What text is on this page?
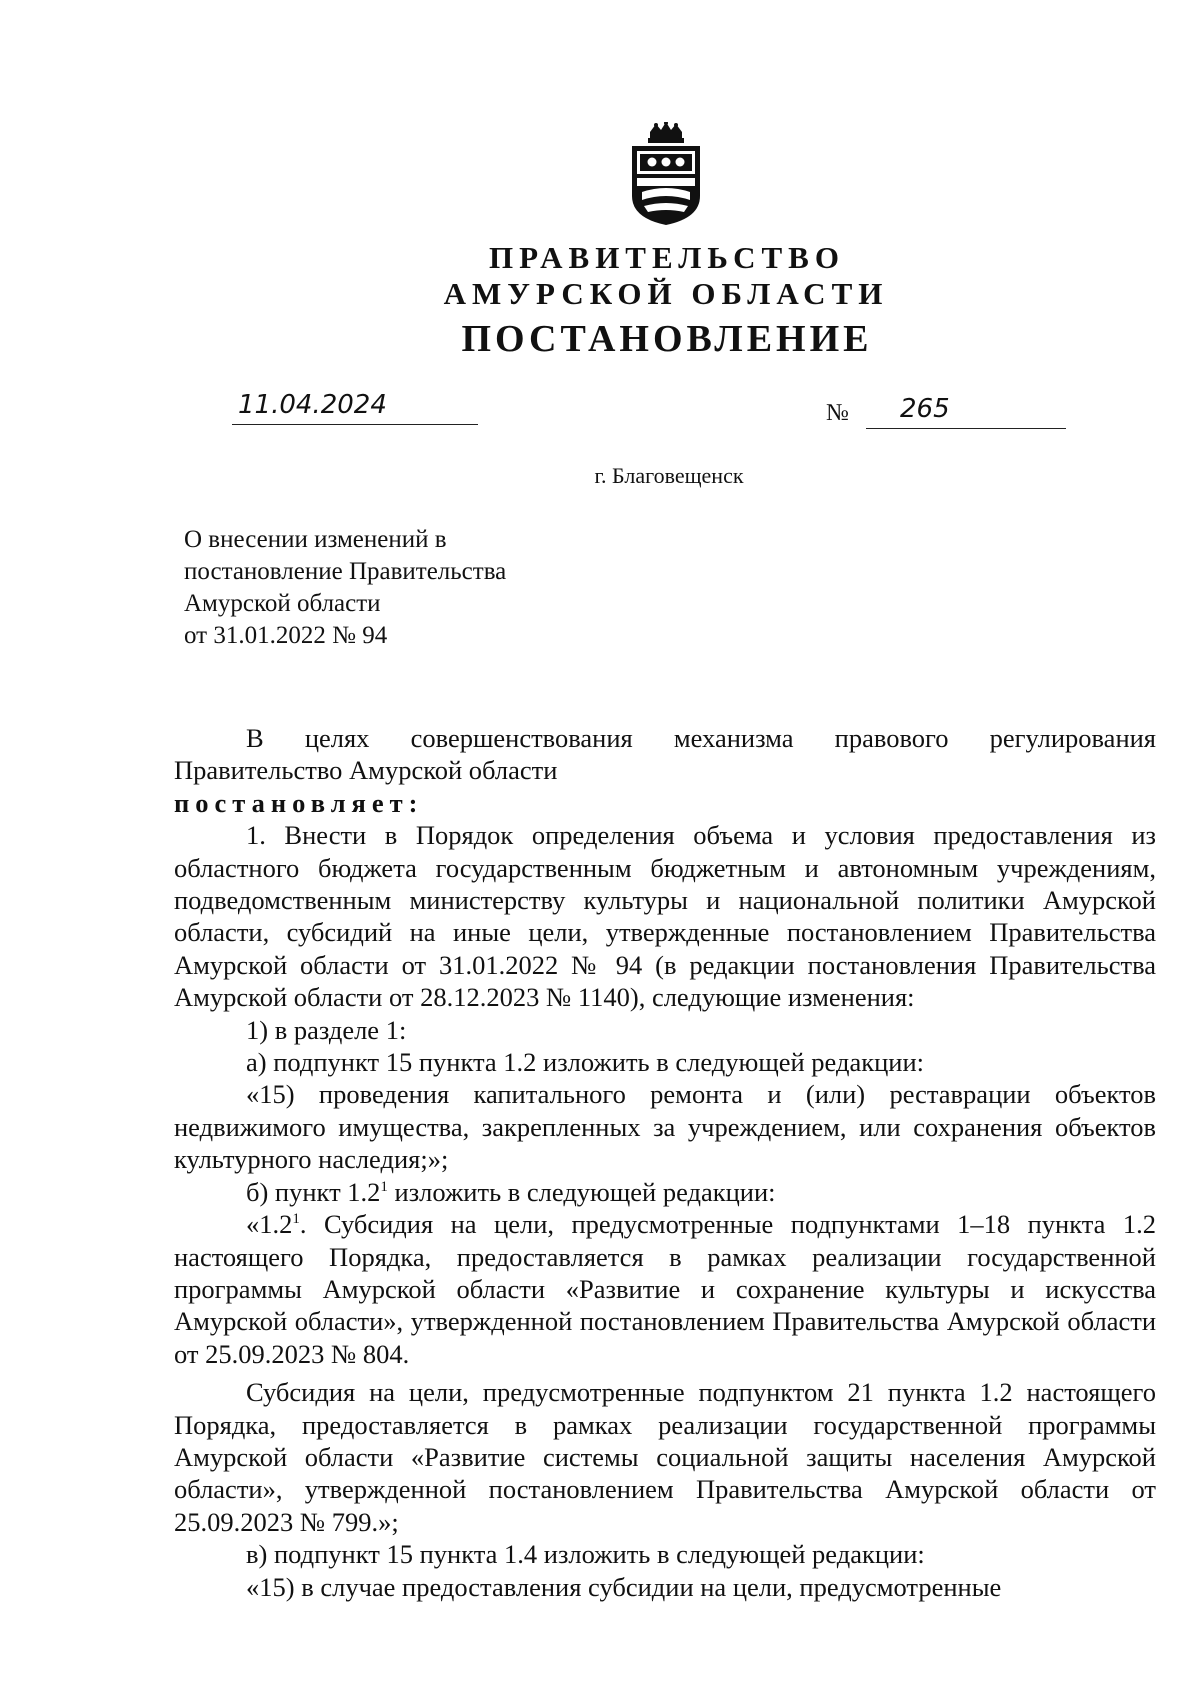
ПРАВИТЕЛЬСТВО
АМУРСКОЙ ОБЛАСТИ
ПОСТАНОВЛЕНИЕ
11.04.2024	№ 265
г. Благовещенск
О внесении изменений в
постановление Правительства
Амурской области
от 31.01.2022 № 94

В целях совершенствования механизма правового регулирования Правительство Амурской области

постановляет:

1. Внести в Порядок определения объема и условия предоставления из областного бюджета государственным бюджетным и автономным учреждениям, подведомственным министерству культуры и национальной политики Амурской области, субсидий на иные цели, утвержденные постановлением Правительства Амурской области от 31.01.2022 № 94 (в редакции постановления Правительства Амурской области от 28.12.2023 № 1140), следующие изменения:

1) в разделе 1:

а) подпункт 15 пункта 1.2 изложить в следующей редакции:

«15) проведения капитального ремонта и (или) реставрации объектов недвижимого имущества, закрепленных за учреждением, или сохранения объектов культурного наследия;»;

б) пункт $1.2^1$ изложить в следующей редакции:

«$1.2^1$. Субсидия на цели, предусмотренные подпунктами 1–18 пункта 1.2 настоящего Порядка, предоставляется в рамках реализации государственной программы Амурской области «Развитие и сохранение культуры и искусства Амурской области», утвержденной постановлением Правительства Амурской области от 25.09.2023 № 804.

Субсидия на цели, предусмотренные подпунктом 21 пункта 1.2 настоящего Порядка, предоставляется в рамках реализации государственной программы Амурской области «Развитие системы социальной защиты населения Амурской области», утвержденной постановлением Правительства Амурской области от 25.09.2023 № 799.»;

в) подпункт 15 пункта 1.4 изложить в следующей редакции:

«15) в случае предоставления субсидии на цели, предусмотренные
